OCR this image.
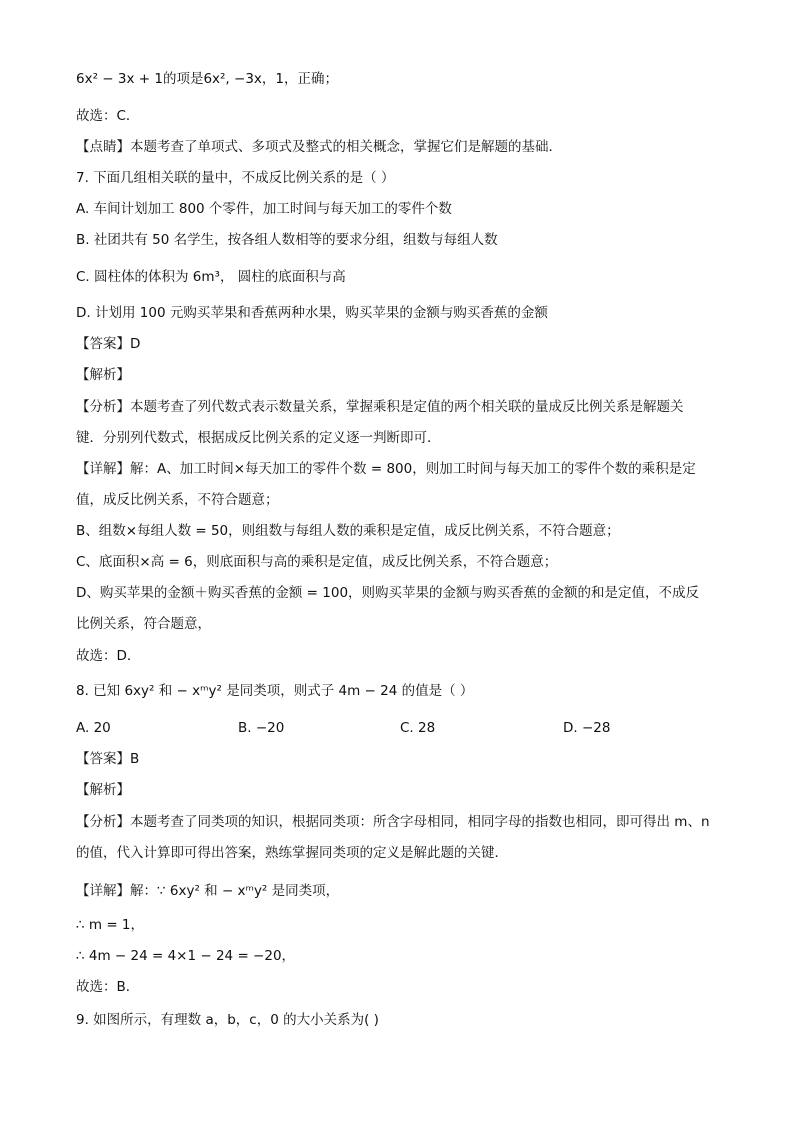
6x² − 3x + 1的项是6x², −3x，1，正确；
故选：C．
【点睛】本题考查了单项式、多项式及整式的相关概念，掌握它们是解题的基础．
7. 下面几组相关联的量中，不成反比例关系的是（ ）
A. 车间计划加工 800 个零件，加工时间与每天加工的零件个数
B. 社团共有 50 名学生，按各组人数相等的要求分组，组数与每组人数
C. 圆柱体的体积为 6m³， 圆柱的底面积与高
D. 计划用 100 元购买苹果和香蕉两种水果，购买苹果的金额与购买香蕉的金额
【答案】D
【解析】
【分析】本题考查了列代数式表示数量关系，掌握乘积是定值的两个相关联的量成反比例关系是解题关
键．分别列代数式，根据成反比例关系的定义逐一判断即可．
【详解】解：A、加工时间×每天加工的零件个数 = 800，则加工时间与每天加工的零件个数的乘积是定
值，成反比例关系，不符合题意；
B、组数×每组人数 = 50，则组数与每组人数的乘积是定值，成反比例关系，不符合题意；
C、底面积×高 = 6，则底面积与高的乘积是定值，成反比例关系，不符合题意；
D、购买苹果的金额＋购买香蕉的金额 = 100，则购买苹果的金额与购买香蕉的金额的和是定值，不成反
比例关系，符合题意，
故选：D．
8. 已知 6xy² 和 − xᵐy² 是同类项，则式子 4m − 24 的值是（ ）
A. 20	B. −20	C. 28	D. −28
【答案】B
【解析】
【分析】本题考查了同类项的知识，根据同类项：所含字母相同，相同字母的指数也相同，即可得出 m、n
的值，代入计算即可得出答案，熟练掌握同类项的定义是解此题的关键．
【详解】解：∵ 6xy² 和 − xᵐy² 是同类项，
∴ m = 1，
∴ 4m − 24 = 4×1 − 24 = −20，
故选：B．
9. 如图所示，有理数 a，b，c，0 的大小关系为( )
